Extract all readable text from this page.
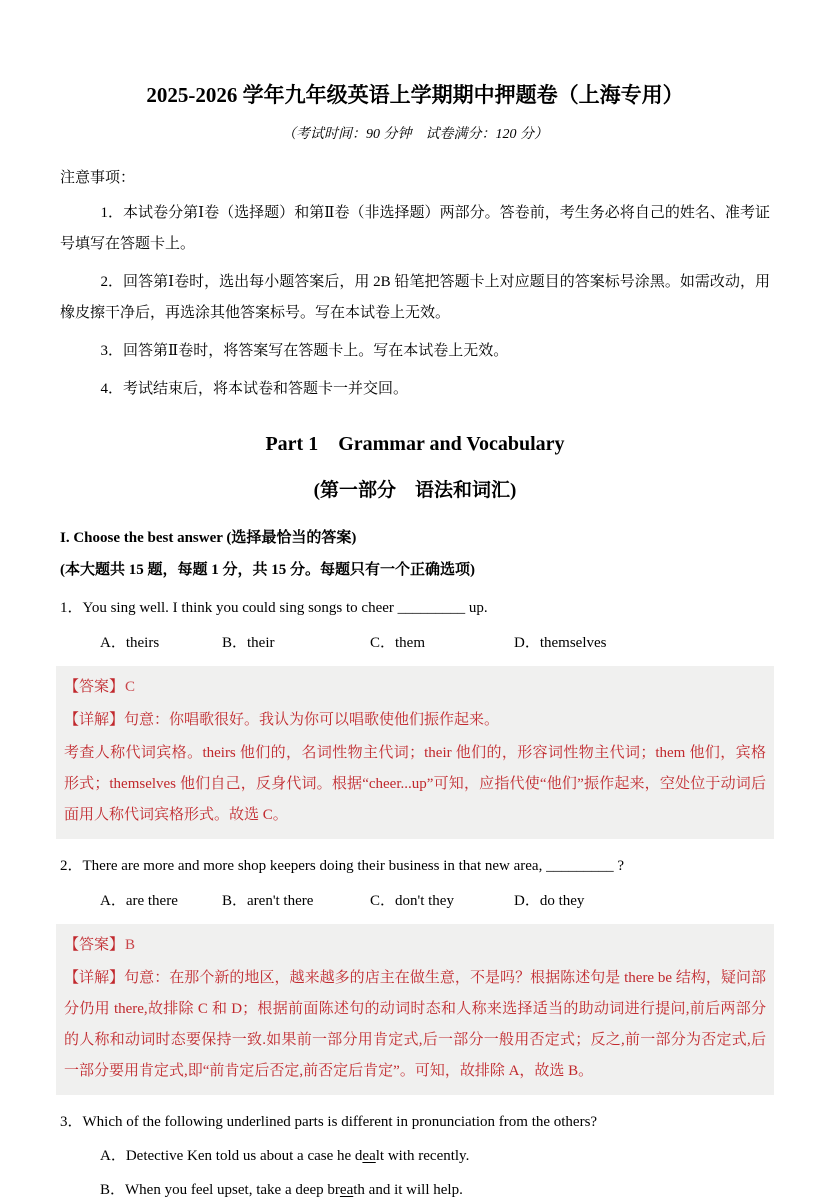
2025-2026 学年九年级英语上学期期中押题卷（上海专用）

（考试时间：90 分钟　试卷满分：120 分）

注意事项：

1．本试卷分第Ⅰ卷（选择题）和第Ⅱ卷（非选择题）两部分。答卷前，考生务必将自己的姓名、准考证号填写在答题卡上。

2．回答第Ⅰ卷时，选出每小题答案后，用 2B 铅笔把答题卡上对应题目的答案标号涂黑。如需改动，用橡皮擦干净后，再选涂其他答案标号。写在本试卷上无效。

3．回答第Ⅱ卷时，将答案写在答题卡上。写在本试卷上无效。

4．考试结束后，将本试卷和答题卡一并交回。

Part 1    Grammar and Vocabulary
(第一部分　语法和词汇)

I. Choose the best answer (选择最恰当的答案)

(本大题共 15 题，每题 1 分，共 15 分。每题只有一个正确选项)

1．You sing well. I think you could sing songs to cheer _________ up.

A．theirs	B．their	C．them	D．themselves

【答案】C

【详解】句意：你唱歌很好。我认为你可以唱歌使他们振作起来。

考查人称代词宾格。theirs 他们的，名词性物主代词；their 他们的，形容词性物主代词；them 他们，宾格形式；themselves 他们自己，反身代词。根据“cheer...up”可知，应指代使“他们”振作起来，空处位于动词后面用人称代词宾格形式。故选 C。

2．There are more and more shop keepers doing their business in that new area, _________ ?

A．are there	B．aren't there	C．don't they	D．do they

【答案】B

【详解】句意：在那个新的地区，越来越多的店主在做生意，不是吗？根据陈述句是 there be 结构，疑问部分仍用 there,故排除 C 和 D；根据前面陈述句的动词时态和人称来选择适当的助动词进行提问,前后两部分的人称和动词时态要保持一致.如果前一部分用肯定式,后一部分一般用否定式；反之,前一部分为否定式,后一部分要用肯定式,即“前肯定后否定,前否定后肯定”。可知，故排除 A，故选 B。

3．Which of the following underlined parts is different in pronunciation from the others?

A．Detective Ken told us about a case he dealt with recently.

B．When you feel upset, take a deep breath and it will help.
